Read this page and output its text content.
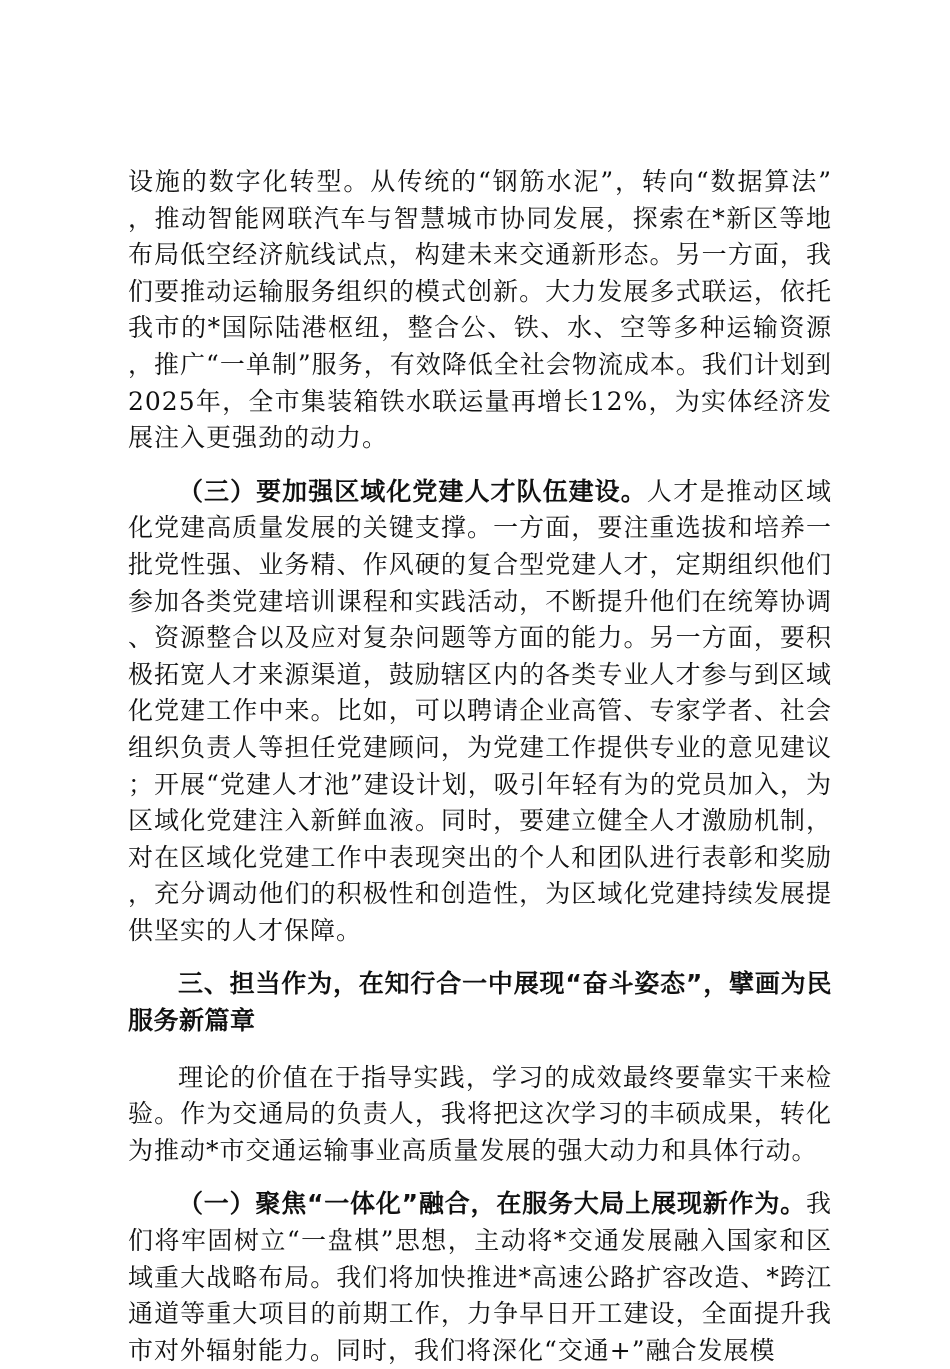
设施的数字化转型。从传统的“钢筋水泥”，转向“数据算法”，推动智能网联汽车与智慧城市协同发展，探索在*新区等地布局低空经济航线试点，构建未来交通新形态。另一方面，我们要推动运输服务组织的模式创新。大力发展多式联运，依托我市的*国际陆港枢纽，整合公、铁、水、空等多种运输资源，推广“一单制”服务，有效降低全社会物流成本。我们计划到2025年，全市集装箱铁水联运量再增长12%，为实体经济发展注入更强劲的动力。

（三）要加强区域化党建人才队伍建设。人才是推动区域化党建高质量发展的关键支撑。一方面，要注重选拔和培养一批党性强、业务精、作风硬的复合型党建人才，定期组织他们参加各类党建培训课程和实践活动，不断提升他们在统筹协调、资源整合以及应对复杂问题等方面的能力。另一方面，要积极拓宽人才来源渠道，鼓励辖区内的各类专业人才参与到区域化党建工作中来。比如，可以聘请企业高管、专家学者、社会组织负责人等担任党建顾问，为党建工作提供专业的意见建议；开展“党建人才池”建设计划，吸引年轻有为的党员加入，为区域化党建注入新鲜血液。同时，要建立健全人才激励机制，对在区域化党建工作中表现突出的个人和团队进行表彰和奖励，充分调动他们的积极性和创造性，为区域化党建持续发展提供坚实的人才保障。

三、担当作为，在知行合一中展现“奋斗姿态”，擘画为民服务新篇章

理论的价值在于指导实践，学习的成效最终要靠实干来检验。作为交通局的负责人，我将把这次学习的丰硕成果，转化为推动*市交通运输事业高质量发展的强大动力和具体行动。

（一）聚焦“一体化”融合，在服务大局上展现新作为。我们将牢固树立“一盘棋”思想，主动将*交通发展融入国家和区域重大战略布局。我们将加快推进*高速公路扩容改造、*跨江通道等重大项目的前期工作，力争早日开工建设，全面提升我市对外辐射能力。同时，我们将深化“交通+”融合发展模
